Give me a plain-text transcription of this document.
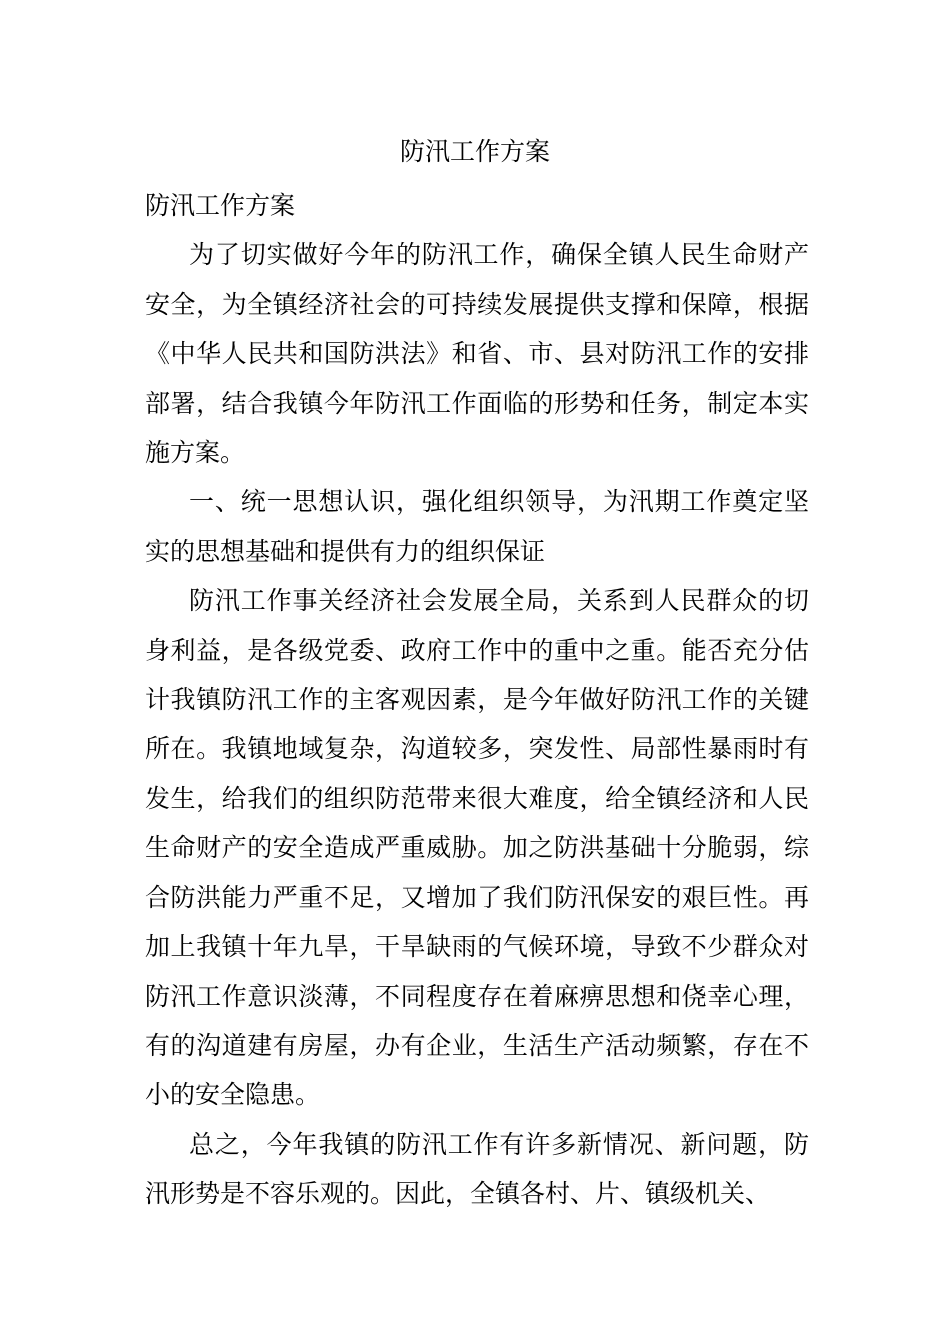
防汛工作方案

防汛工作方案

为了切实做好今年的防汛工作，确保全镇人民生命财产安全，为全镇经济社会的可持续发展提供支撑和保障，根据《中华人民共和国防洪法》和省、市、县对防汛工作的安排部署，结合我镇今年防汛工作面临的形势和任务，制定本实施方案。

一、统一思想认识，强化组织领导，为汛期工作奠定坚实的思想基础和提供有力的组织保证

防汛工作事关经济社会发展全局，关系到人民群众的切身利益，是各级党委、政府工作中的重中之重。能否充分估计我镇防汛工作的主客观因素，是今年做好防汛工作的关键所在。我镇地域复杂，沟道较多，突发性、局部性暴雨时有发生，给我们的组织防范带来很大难度，给全镇经济和人民生命财产的安全造成严重威胁。加之防洪基础十分脆弱，综合防洪能力严重不足，又增加了我们防汛保安的艰巨性。再加上我镇十年九旱，干旱缺雨的气候环境，导致不少群众对防汛工作意识淡薄，不同程度存在着麻痹思想和侥幸心理，有的沟道建有房屋，办有企业，生活生产活动频繁，存在不小的安全隐患。

总之，今年我镇的防汛工作有许多新情况、新问题，防汛形势是不容乐观的。因此，全镇各村、片、镇级机关、
